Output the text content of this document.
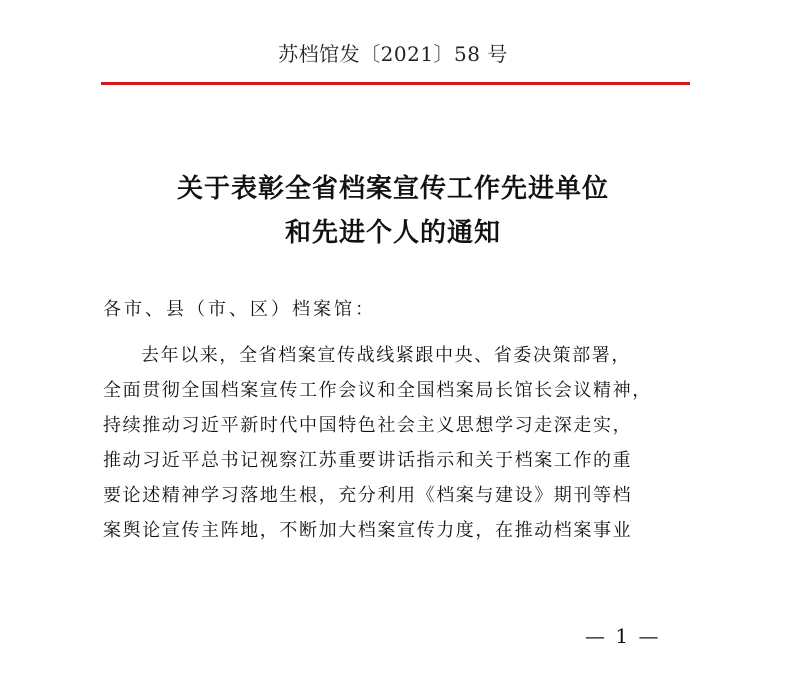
苏档馆发〔2021〕58 号
关于表彰全省档案宣传工作先进单位
和先进个人的通知
各市、县（市、区）档案馆：
去年以来，全省档案宣传战线紧跟中央、省委决策部署，
全面贯彻全国档案宣传工作会议和全国档案局长馆长会议精神，
持续推动习近平新时代中国特色社会主义思想学习走深走实，
推动习近平总书记视察江苏重要讲话指示和关于档案工作的重
要论述精神学习落地生根，充分利用《档案与建设》期刊等档
案舆论宣传主阵地，不断加大档案宣传力度，在推动档案事业
— 1 —
